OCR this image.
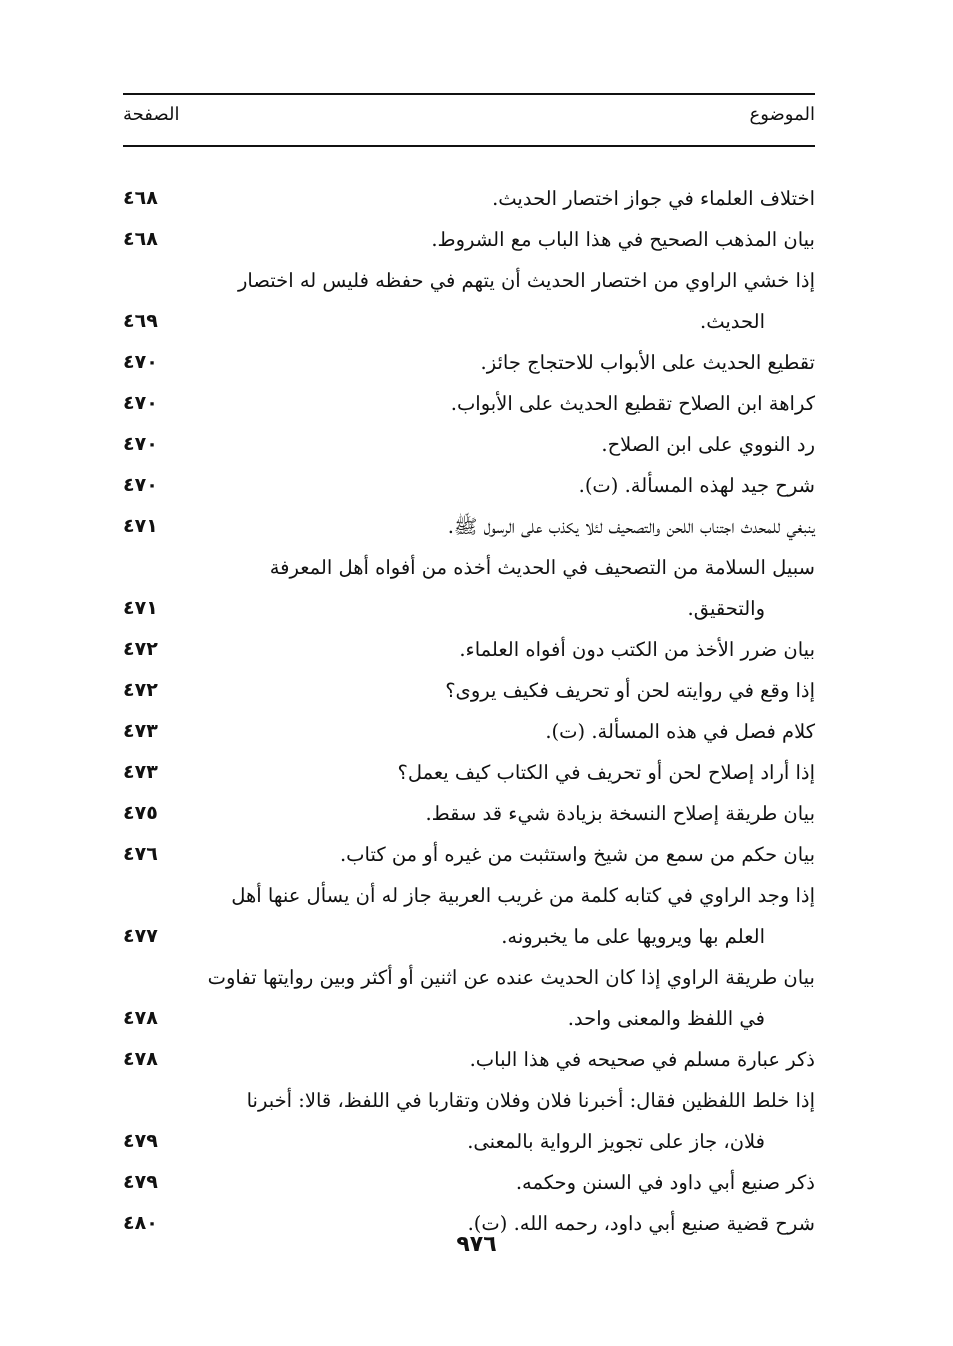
الموضوع
الصفحة
اختلاف العلماء في جواز اختصار الحديث.
٤٦٨
بيان المذهب الصحيح في هذا الباب مع الشروط.
٤٦٨
إذا خشي الراوي من اختصار الحديث أن يتهم في حفظه فليس له اختصار
الحديث.
٤٦٩
تقطيع الحديث على الأبواب للاحتجاج جائز.
٤٧٠
كراهة ابن الصلاح تقطيع الحديث على الأبواب.
٤٧٠
رد النووي على ابن الصلاح.
٤٧٠
شرح جيد لهذه المسألة. (ت).
٤٧٠
ينبغي للمحدث اجتناب اللحن والتصحيف لئلا يكذب على الرسول ﷺ.
٤٧١
سبيل السلامة من التصحيف في الحديث أخذه من أفواه أهل المعرفة
والتحقيق.
٤٧١
بيان ضرر الأخذ من الكتب دون أفواه العلماء.
٤٧٢
إذا وقع في روايته لحن أو تحريف فكيف يروى؟
٤٧٢
كلام فصل في هذه المسألة. (ت).
٤٧٣
إذا أراد إصلاح لحن أو تحريف في الكتاب كيف يعمل؟
٤٧٣
بيان طريقة إصلاح النسخة بزيادة شيء قد سقط.
٤٧٥
بيان حكم من سمع من شيخ واستثبت من غيره أو من كتاب.
٤٧٦
إذا وجد الراوي في كتابه كلمة من غريب العربية جاز له أن يسأل عنها أهل
العلم بها ويرويها على ما يخبرونه.
٤٧٧
بيان طريقة الراوي إذا كان الحديث عنده عن اثنين أو أكثر وبين روايتها تفاوت
في اللفظ والمعنى واحد.
٤٧٨
ذكر عبارة مسلم في صحيحه في هذا الباب.
٤٧٨
إذا خلط اللفظين فقال: أخبرنا فلان وفلان وتقاربا في اللفظ، قالا: أخبرنا
فلان، جاز على تجويز الرواية بالمعنى.
٤٧٩
ذكر صنيع أبي داود في السنن وحكمه.
٤٧٩
شرح قضية صنيع أبي داود، رحمه الله. (ت).
٤٨٠
٩٧٦
